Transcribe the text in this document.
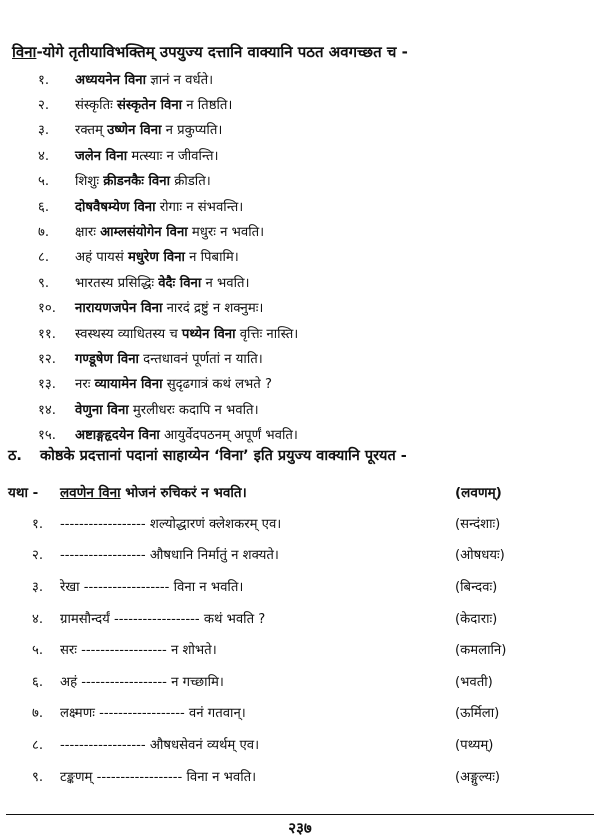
विना-योगे तृतीयाविभक्तिम् उपयुज्य दत्तानि वाक्यानि पठत अवगच्छत च -
१.	अध्ययनेन विना ज्ञानं न वर्धते।
२.	संस्कृतिः संस्कृतेन विना न तिष्ठति।
३.	रक्तम् उष्णेन विना न प्रकुप्यति।
४.	जलेन विना मत्स्याः न जीवन्ति।
५.	शिशुः क्रीडनकैः विना क्रीडति।
६.	दोषवैषम्येण विना रोगाः न संभवन्ति।
७.	क्षारः आम्लसंयोगेन विना मधुरः न भवति।
८.	अहं पायसं मधुरेण विना न पिबामि।
९.	भारतस्य प्रसिद्धिः वेदैः विना न भवति।
१०.	नारायणजपेन विना नारदं द्रष्टुं न शक्नुमः।
११.	स्वस्थस्य व्याधितस्य च पथ्येन विना वृत्तिः नास्ति।
१२.	गण्डूषेण विना दन्तधावनं पूर्णतां न याति।
१३.	नरः व्यायामेन विना सुदृढगात्रं कथं लभते ?
१४.	वेणुना विना मुरलीधरः कदापि न भवति।
१५.	अष्टाङ्गहृदयेन विना आयुर्वेदपठनम् अपूर्णं भवति।
ठ. कोष्ठके प्रदत्तानां पदानां साहाय्येन ‘विना’ इति प्रयुज्य वाक्यानि पूरयत -
यथा - लवणेन विना भोजनं रुचिकरं न भवति।	(लवणम्)
१.	------------------ शल्योद्धारणं क्लेशकरम् एव।	(सन्दंशाः)
२.	------------------ औषधानि निर्मातुं न शक्यते।	(ओषधयः)
३.	रेखा ------------------ विना न भवति।	(बिन्दवः)
४.	ग्रामसौन्दर्यं ------------------ कथं भवति ?	(केदाराः)
५.	सरः ------------------ न शोभते।	(कमलानि)
६.	अहं ------------------ न गच्छामि।	(भवती)
७.	लक्ष्मणः ------------------ वनं गतवान्।	(ऊर्मिला)
८.	------------------ औषधसेवनं व्यर्थम् एव।	(पथ्यम्)
९.	टङ्कणम् ------------------ विना न भवति।	(अङ्गुल्यः)
२३७
